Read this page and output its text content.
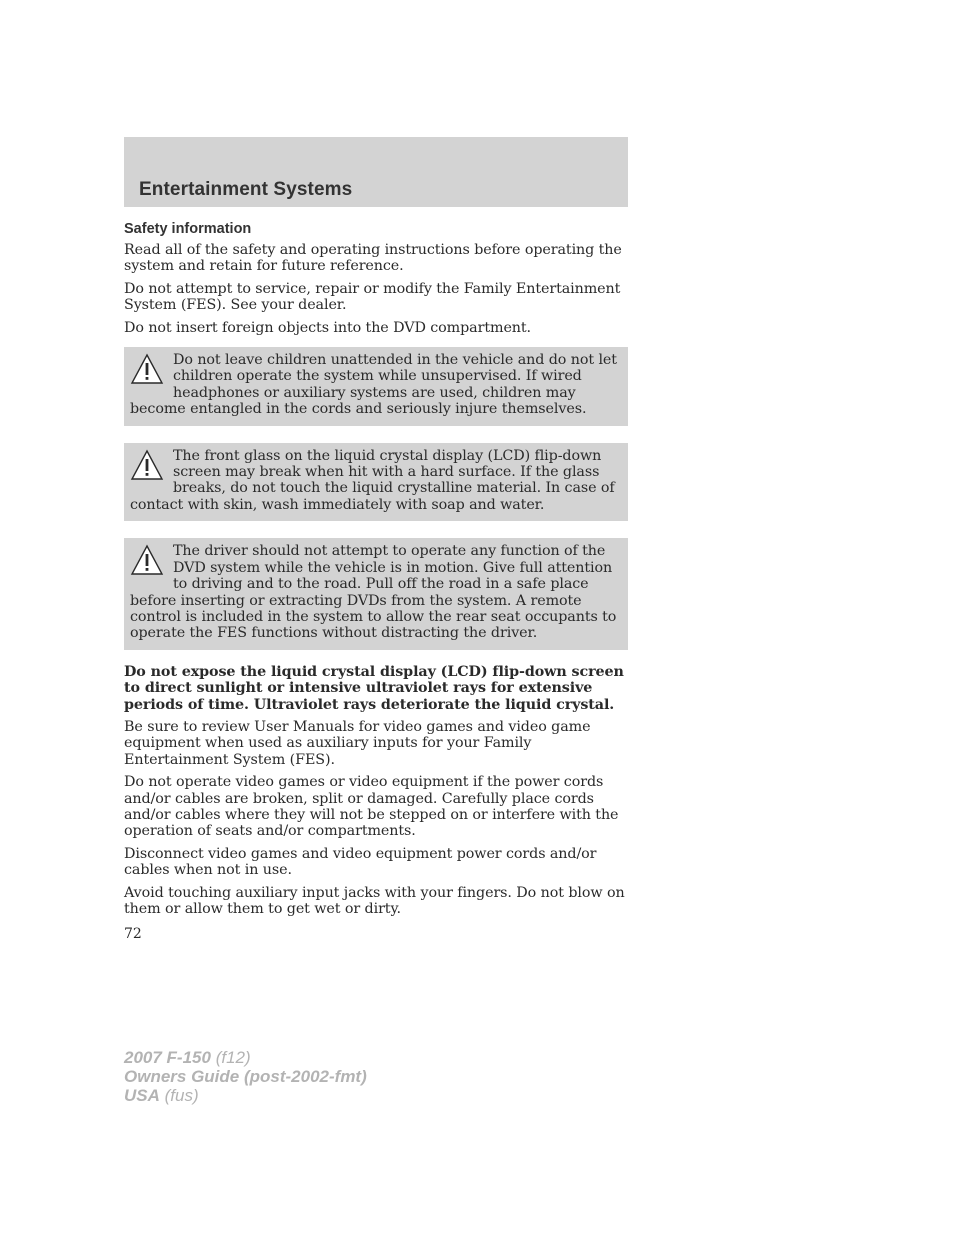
Entertainment Systems
Safety information

Read all of the safety and operating instructions before operating the system and retain for future reference.

Do not attempt to service, repair or modify the Family Entertainment System (FES). See your dealer.

Do not insert foreign objects into the DVD compartment.

Do not leave children unattended in the vehicle and do not let children operate the system while unsupervised. If wired headphones or auxiliary systems are used, children may become entangled in the cords and seriously injure themselves.
The front glass on the liquid crystal display (LCD) flip-down screen may break when hit with a hard surface. If the glass breaks, do not touch the liquid crystalline material. In case of contact with skin, wash immediately with soap and water.
The driver should not attempt to operate any function of the DVD system while the vehicle is in motion. Give full attention to driving and to the road. Pull off the road in a safe place before inserting or extracting DVDs from the system. A remote control is included in the system to allow the rear seat occupants to operate the FES functions without distracting the driver.

Do not expose the liquid crystal display (LCD) flip-down screen to direct sunlight or intensive ultraviolet rays for extensive periods of time. Ultraviolet rays deteriorate the liquid crystal.

Be sure to review User Manuals for video games and video game equipment when used as auxiliary inputs for your Family Entertainment System (FES).

Do not operate video games or video equipment if the power cords and/or cables are broken, split or damaged. Carefully place cords and/or cables where they will not be stepped on or interfere with the operation of seats and/or compartments.

Disconnect video games and video equipment power cords and/or cables when not in use.

Avoid touching auxiliary input jacks with your fingers. Do not blow on them or allow them to get wet or dirty.

72
2007 F-150 (f12)
Owners Guide (post-2002-fmt)
USA (fus)
